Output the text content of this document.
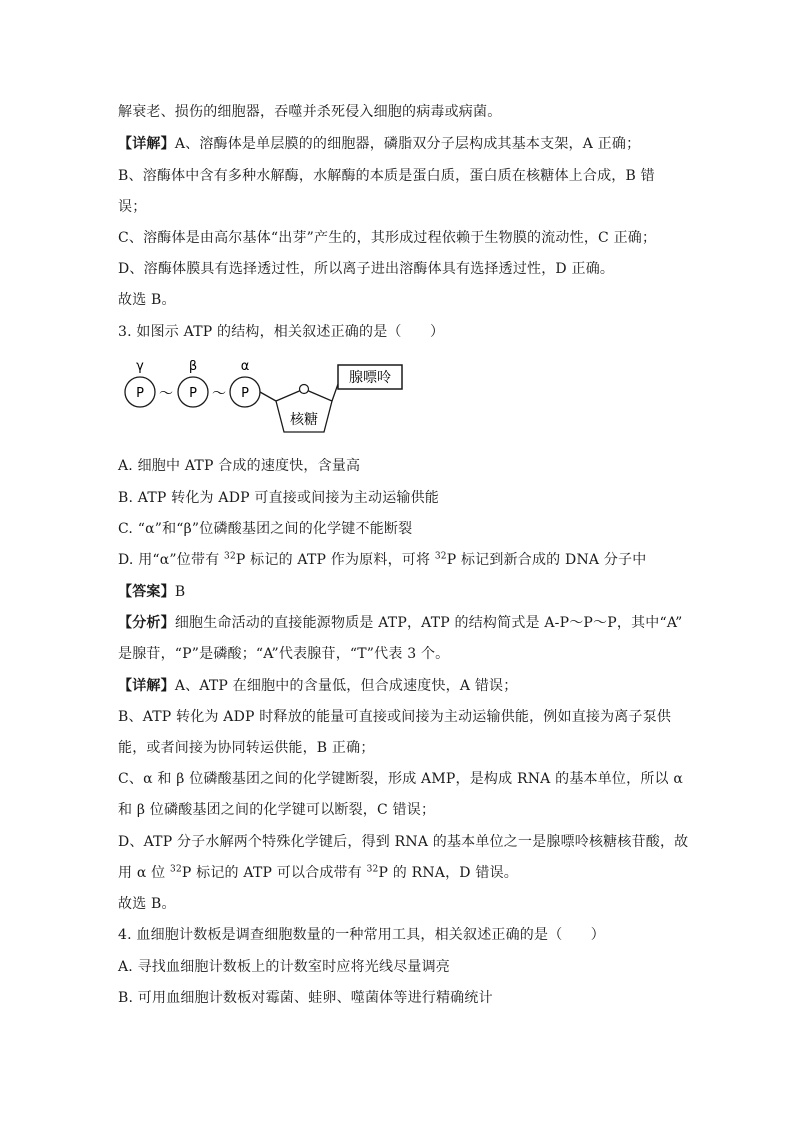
解衰老、损伤的细胞器，吞噬并杀死侵入细胞的病毒或病菌。
【详解】A、溶酶体是单层膜的的细胞器，磷脂双分子层构成其基本支架，A 正确；
B、溶酶体中含有多种水解酶，水解酶的本质是蛋白质，蛋白质在核糖体上合成，B 错
误；
C、溶酶体是由高尔基体“出芽”产生的，其形成过程依赖于生物膜的流动性，C 正确；
D、溶酶体膜具有选择透过性，所以离子进出溶酶体具有选择透过性，D 正确。
故选 B。
3. 如图示 ATP 的结构，相关叙述正确的是（　　）
γ	β	α
P ～ P ～ P
核糖
腺嘌呤
A. 细胞中 ATP 合成的速度快，含量高
B. ATP 转化为 ADP 可直接或间接为主动运输供能
C. “α”和“β”位磷酸基团之间的化学键不能断裂
D. 用“α”位带有 $^{32}$P 标记的 ATP 作为原料，可将 $^{32}$P 标记到新合成的 DNA 分子中
【答案】B
【分析】细胞生命活动的直接能源物质是 ATP，ATP 的结构简式是 A-P～P～P，其中“A”
是腺苷，“P”是磷酸；“A”代表腺苷，“T”代表 3 个。
【详解】A、ATP 在细胞中的含量低，但合成速度快，A 错误；
B、ATP 转化为 ADP 时释放的能量可直接或间接为主动运输供能，例如直接为离子泵供
能，或者间接为协同转运供能，B 正确；
C、α 和 β 位磷酸基团之间的化学键断裂，形成 AMP，是构成 RNA 的基本单位，所以 α
和 β 位磷酸基团之间的化学键可以断裂，C 错误；
D、ATP 分子水解两个特殊化学键后，得到 RNA 的基本单位之一是腺嘌呤核糖核苷酸，故
用 α 位 $^{32}$P 标记的 ATP 可以合成带有 $^{32}$P 的 RNA，D 错误。
故选 B。
4. 血细胞计数板是调查细胞数量的一种常用工具，相关叙述正确的是（　　）
A. 寻找血细胞计数板上的计数室时应将光线尽量调亮
B. 可用血细胞计数板对霉菌、蛙卵、噬菌体等进行精确统计
